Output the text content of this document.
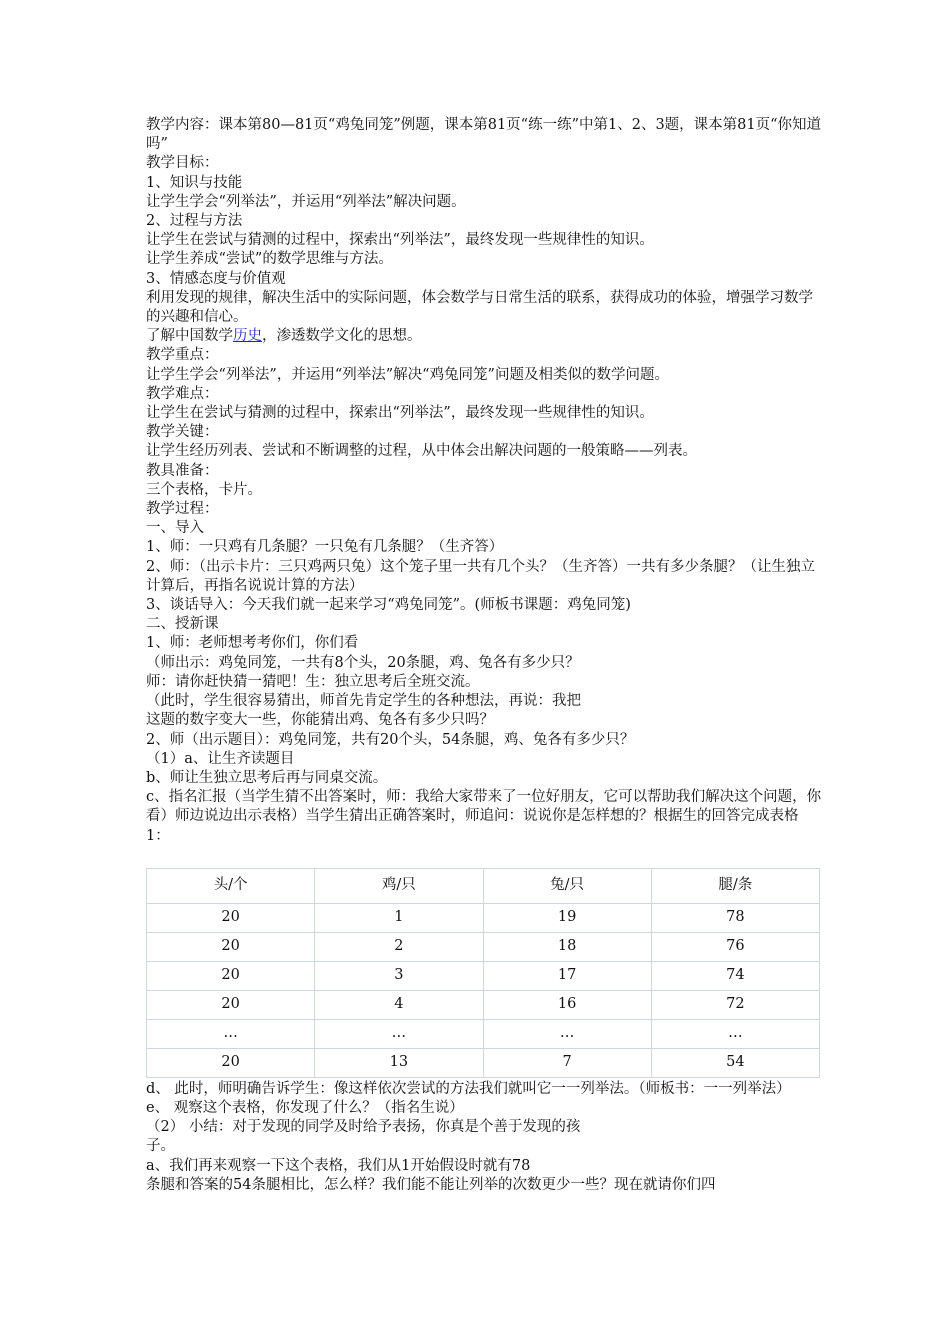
教学内容：课本第80—81页“鸡兔同笼”例题，课本第81页“练一练”中第1、2、3题，课本第81页“你知道吗”

教学目标：

1、知识与技能

让学生学会“列举法”，并运用“列举法”解决问题。

2、过程与方法

让学生在尝试与猜测的过程中，探索出“列举法”，最终发现一些规律性的知识。

让学生养成“尝试”的数学思维与方法。

3、情感态度与价值观

利用发现的规律，解决生活中的实际问题，体会数学与日常生活的联系，获得成功的体验，增强学习数学的兴趣和信心。

了解中国数学历史，渗透数学文化的思想。

教学重点：

让学生学会“列举法”，并运用“列举法”解决“鸡兔同笼”问题及相类似的数学问题。

教学难点：

让学生在尝试与猜测的过程中，探索出“列举法”，最终发现一些规律性的知识。

教学关键：

让学生经历列表、尝试和不断调整的过程，从中体会出解决问题的一般策略——列表。

教具准备：

三个表格，卡片。

教学过程：

一、导入

1、师：一只鸡有几条腿？一只兔有几条腿？（生齐答）

2、师：（出示卡片：三只鸡两只兔）这个笼子里一共有几个头？（生齐答）一共有多少条腿？（让生独立计算后，再指名说说计算的方法）

3、谈话导入：今天我们就一起来学习“鸡兔同笼”。(师板书课题：鸡兔同笼)

二、授新课

1、师：老师想考考你们，你们看

（师出示：鸡兔同笼，一共有8个头，20条腿，鸡、兔各有多少只？

师：请你赶快猜一猜吧！生：独立思考后全班交流。

（此时，学生很容易猜出，师首先肯定学生的各种想法，再说：我把

这题的数字变大一些，你能猜出鸡、兔各有多少只吗？

2、师（出示题目）：鸡兔同笼，共有20个头，54条腿，鸡、兔各有多少只？

（1）a、让生齐读题目

b、师让生独立思考后再与同桌交流。

c、指名汇报（当学生猜不出答案时，师：我给大家带来了一位好朋友，它可以帮助我们解决这个问题，你看）师边说边出示表格）当学生猜出正确答案时，师追问：说说你是怎样想的？根据生的回答完成表格1：

头/个	鸡/只	兔/只	腿/条
20	1	19	78
20	2	18	76
20	3	17	74
20	4	16	72
…	…	…	…
20	13	7	54

d、 此时，师明确告诉学生：像这样依次尝试的方法我们就叫它一一列举法。（师板书：一一列举法）

e、 观察这个表格，你发现了什么？（指名生说）

（2） 小结：对于发现的同学及时给予表扬，你真是个善于发现的孩

子。

a、我们再来观察一下这个表格，我们从1开始假设时就有78

条腿和答案的54条腿相比，怎么样？我们能不能让列举的次数更少一些？现在就请你们四
